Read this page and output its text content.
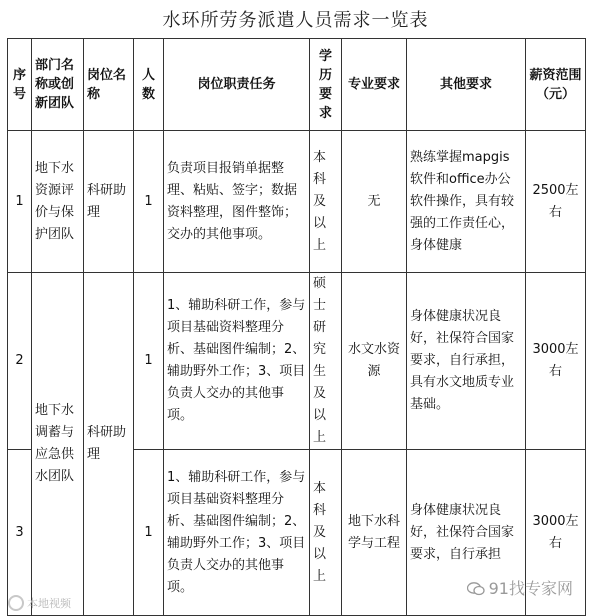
水环所劳务派遣人员需求一览表
序号	部门名称或创新团队	岗位名称	人数	岗位职责任务	学历要求	专业要求	其他要求	薪资范围（元）
1	地下水资源评价与保护团队	科研助理	1	负责项目报销单据整理、粘贴、签字；数据资料整理，图件整饰；交办的其他事项。	本科及以上	无	熟练掌握mapgis软件和office办公软件操作，具有较强的工作责任心，身体健康	2500左右
2	地下水调蓄与应急供水团队	科研助理	1	1、辅助科研工作，参与项目基础资料整理分析、基础图件编制；2、辅助野外工作；3、项目负责人交办的其他事项。	硕士研究生及以上	水文水资源	身体健康状况良好，社保符合国家要求，自行承担，具有水文地质专业基础。	3000左右
3			1	1、辅助科研工作，参与项目基础资料整理分析、基础图件编制；2、辅助野外工作；3、项目负责人交办的其他事项。	本科及以上	地下水科学与工程	身体健康状况良好，社保符合国家要求，自行承担	3000左右
本地视频
91找专家网
